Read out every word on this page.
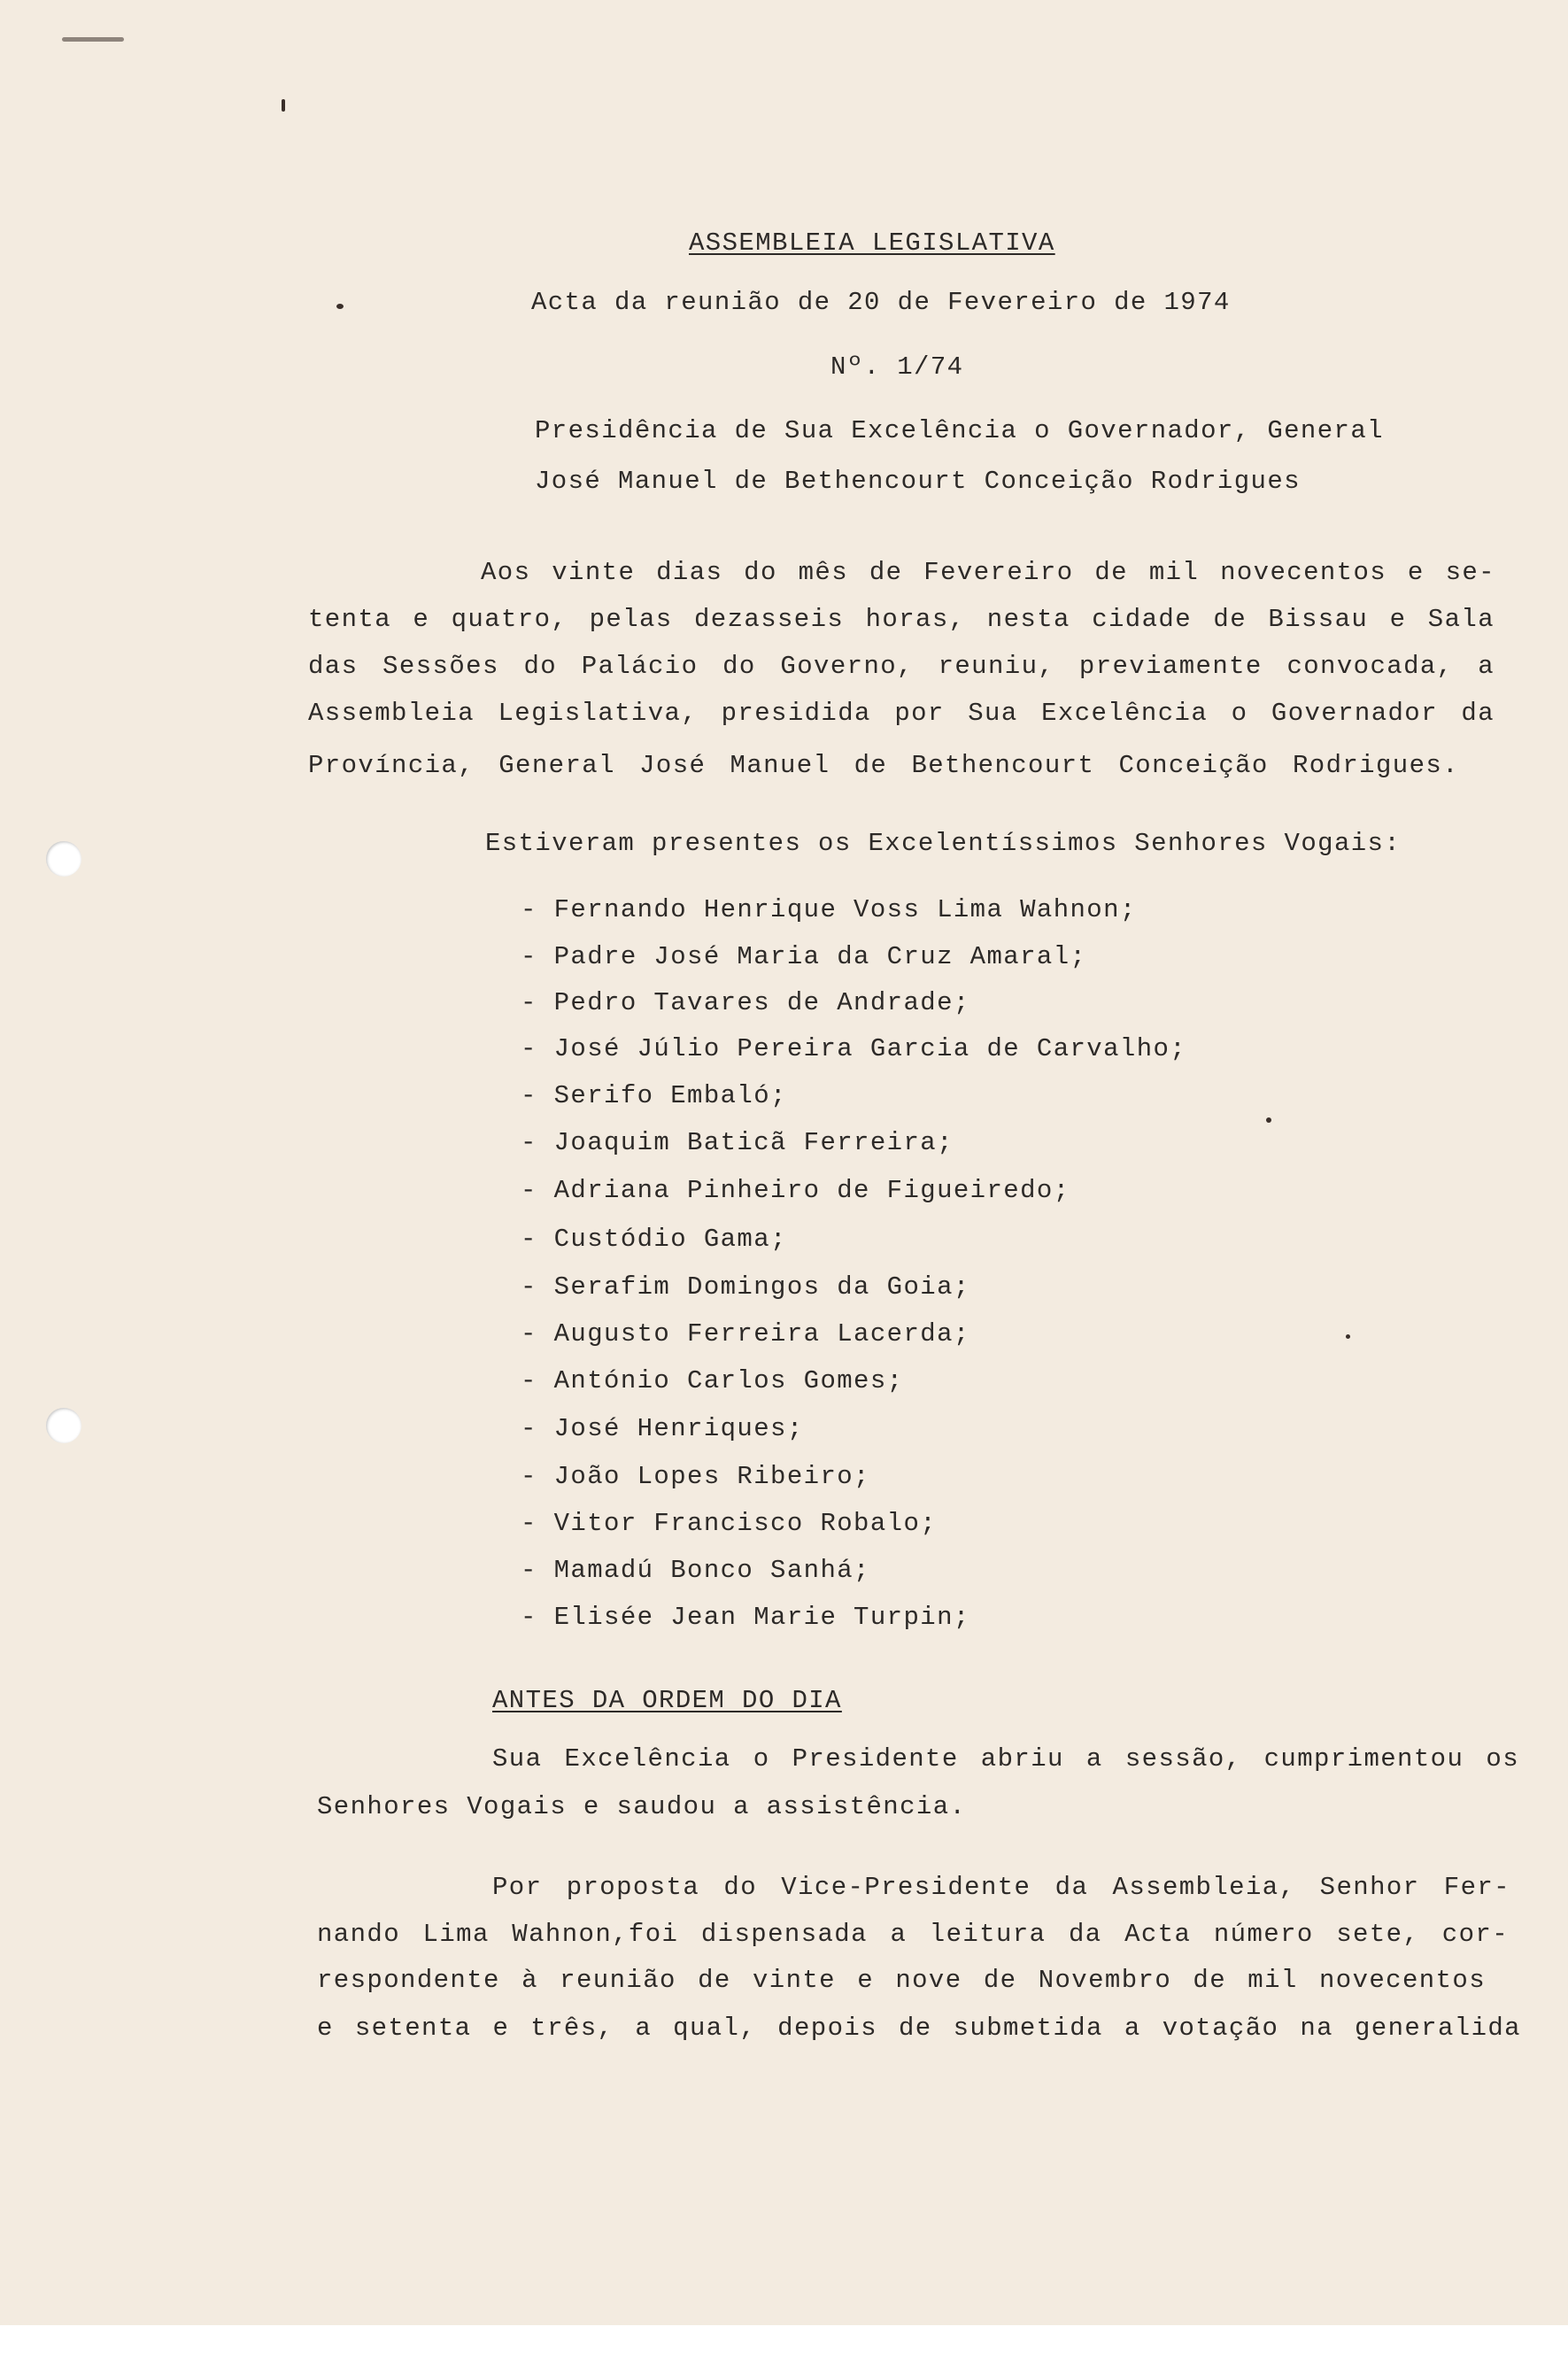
ASSEMBLEIA LEGISLATIVA
Acta da reunião de 20 de Fevereiro de 1974
Nº. 1/74
Presidência de Sua Excelência o Governador, General
José Manuel de Bethencourt Conceição Rodrigues
Aos vinte dias do mês de Fevereiro de mil novecentos e se-
tenta e quatro, pelas dezasseis horas, nesta cidade de Bissau e Sala
das Sessões do Palácio do Governo, reuniu, previamente convocada, a
Assembleia Legislativa, presidida por Sua Excelência o Governador da
Província, General José Manuel de Bethencourt Conceição Rodrigues.
Estiveram presentes os Excelentíssimos Senhores Vogais:
- Fernando Henrique Voss Lima Wahnon;
- Padre José Maria da Cruz Amaral;
- Pedro Tavares de Andrade;
- José Júlio Pereira Garcia de Carvalho;
- Serifo Embaló;
- Joaquim Baticã Ferreira;
- Adriana Pinheiro de Figueiredo;
- Custódio Gama;
- Serafim Domingos da Goia;
- Augusto Ferreira Lacerda;
- António Carlos Gomes;
- José Henriques;
- João Lopes Ribeiro;
- Vitor Francisco Robalo;
- Mamadú Bonco Sanhá;
- Elisée Jean Marie Turpin;
ANTES DA ORDEM DO DIA
Sua Excelência o Presidente abriu a sessão, cumprimentou os
Senhores Vogais e saudou a assistência.
Por proposta do Vice-Presidente da Assembleia, Senhor Fer-
nando Lima Wahnon,foi dispensada a leitura da Acta número sete, cor-
respondente à reunião de vinte e nove de Novembro de mil novecentos
e setenta e três, a qual, depois de submetida a votação na generalida
